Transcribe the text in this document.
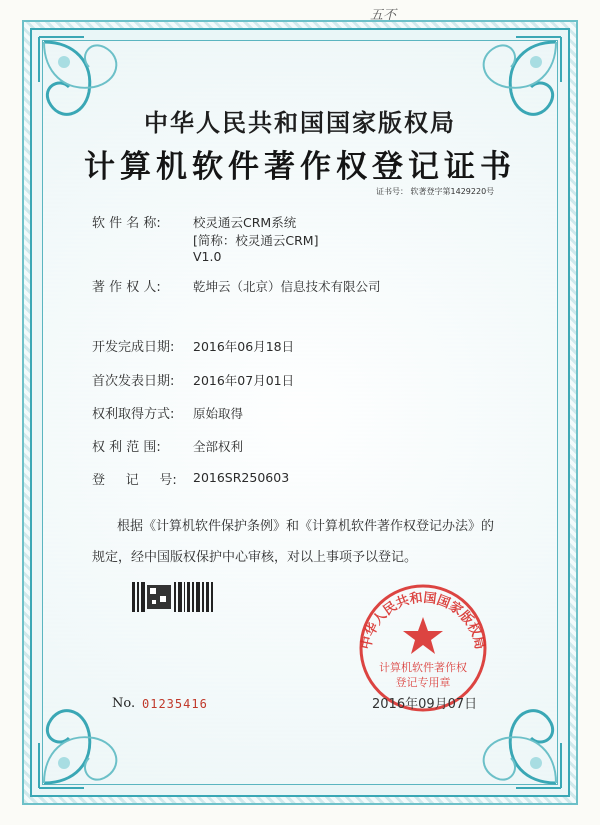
五不
中华人民共和国国家版权局
计算机软件著作权登记证书
证书号： 软著登字第1429220号
软 件 名 称:	校灵通云CRM系统
[简称：校灵通云CRM]
V1.0
著 作 权 人:	乾坤云（北京）信息技术有限公司
开发完成日期: 2016年06月18日
首次发表日期: 2016年07月01日
权利取得方式: 原始取得
权 利 范 围:	全部权利
登     记     号: 2016SR250603
根据《计算机软件保护条例》和《计算机软件著作权登记办法》的
规定，经中国版权保护中心审核，对以上事项予以登记。
No. 01235416
中华人民共和国国家版权局
计算机软件著作权
登记专用章
2016年09月07日
